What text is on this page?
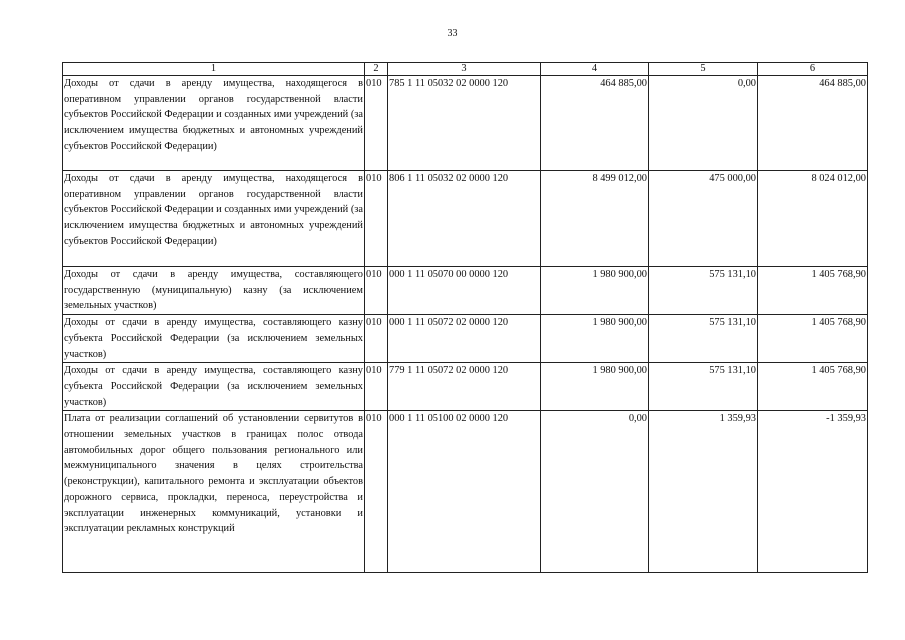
33
1	2	3	4	5	6
Доходы от сдачи в аренду имущества, находящегося в оперативном управлении органов государственной власти субъектов Российской Федерации и созданных ими учреждений (за исключением имущества бюджетных и автономных учреждений субъектов Российской Федерации)	010	785 1 11 05032 02 0000 120	464 885,00	0,00	464 885,00
Доходы от сдачи в аренду имущества, находящегося в оперативном управлении органов государственной власти субъектов Российской Федерации и созданных ими учреждений (за исключением имущества бюджетных и автономных учреждений субъектов Российской Федерации)	010	806 1 11 05032 02 0000 120	8 499 012,00	475 000,00	8 024 012,00
Доходы от сдачи в аренду имущества, составляющего государственную (муниципальную) казну (за исключением земельных участков)	010	000 1 11 05070 00 0000 120	1 980 900,00	575 131,10	1 405 768,90
Доходы от сдачи в аренду имущества, составляющего казну субъекта Российской Федерации (за исключением земельных участков)	010	000 1 11 05072 02 0000 120	1 980 900,00	575 131,10	1 405 768,90
Доходы от сдачи в аренду имущества, составляющего казну субъекта Российской Федерации (за исключением земельных участков)	010	779 1 11 05072 02 0000 120	1 980 900,00	575 131,10	1 405 768,90
Плата от реализации соглашений об установлении сервитутов в отношении земельных участков в границах полос отвода автомобильных дорог общего пользования регионального или межмуниципального значения в целях строительства (реконструкции), капитального ремонта и эксплуатации объектов дорожного сервиса, прокладки, переноса, переустройства и эксплуатации инженерных коммуникаций, установки и эксплуатации рекламных конструкций	010	000 1 11 05100 02 0000 120	0,00	1 359,93	-1 359,93
